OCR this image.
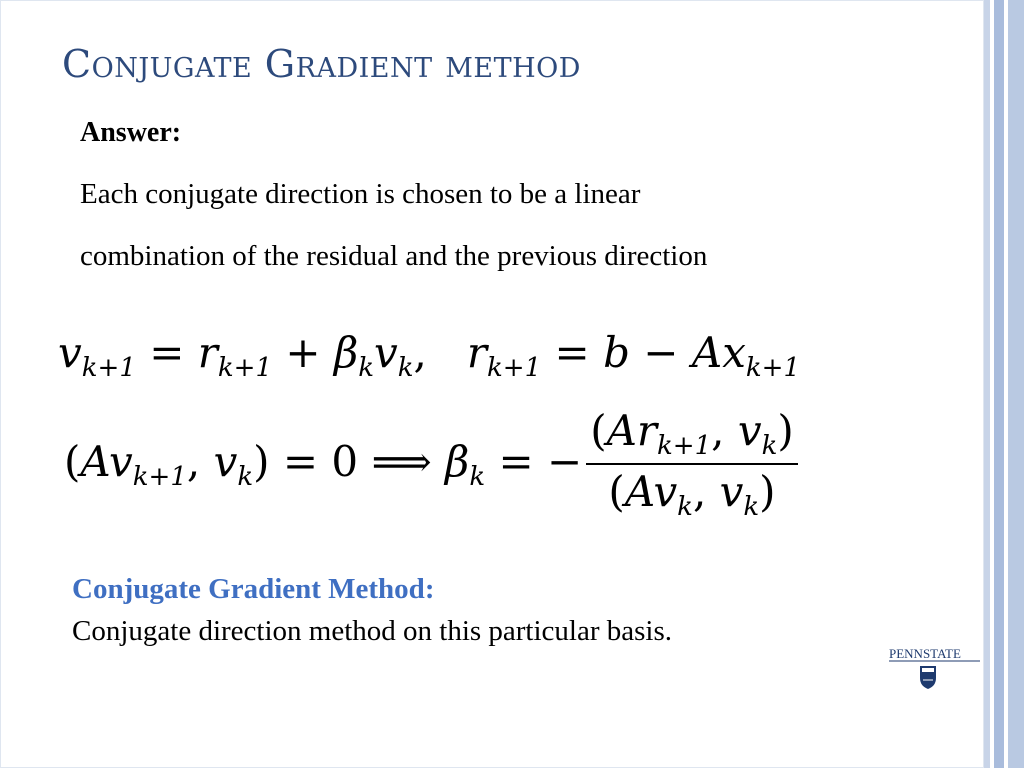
Conjugate Gradient method
Answer:
Each conjugate direction is chosen to be a linear
combination of the residual and the previous direction
$v_{k+1} = r_{k+1} + \beta_kv_k$,   $r_{k+1} = b - Ax_{k+1}$
($Av_{k+1}$, $v_k) = 0$ ⟹ $\beta_k$ = − $\frac{(Ar_{k+1}, v_k)}{(Av_k, v_k)}$
Conjugate Gradient Method:
Conjugate direction method on this particular basis.
PENNSTATE
